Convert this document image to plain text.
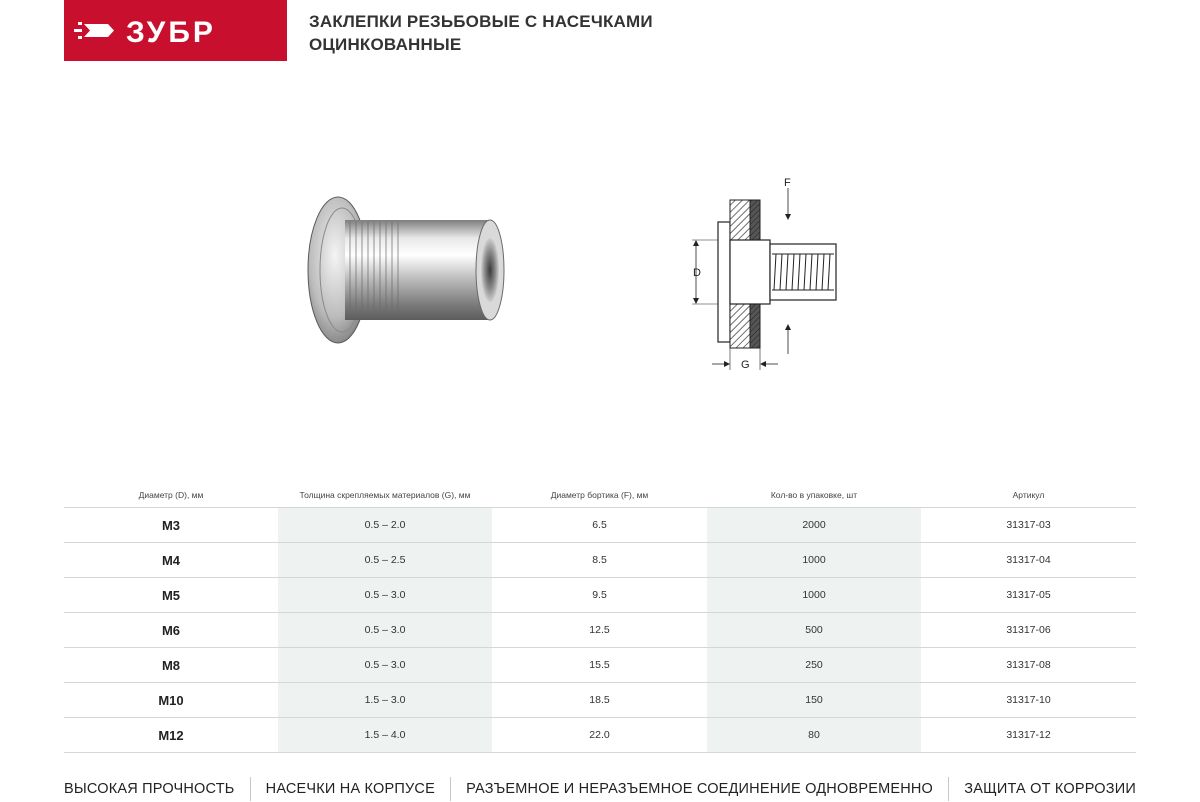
ЗУБР	ЗАКЛЕПКИ РЕЗЬБОВЫЕ С НАСЕЧКАМИ
ОЦИНКОВАННЫЕ
F
D
G
Диаметр (D), мм	Толщина скрепляемых материалов (G), мм	Диаметр бортика (F), мм	Кол-во в упаковке, шт	Артикул
M3	0.5 – 2.0	6.5	2000	31317-03
M4	0.5 – 2.5	8.5	1000	31317-04
M5	0.5 – 3.0	9.5	1000	31317-05
M6	0.5 – 3.0	12.5	500	31317-06
M8	0.5 – 3.0	15.5	250	31317-08
M10	1.5 – 3.0	18.5	150	31317-10
M12	1.5 – 4.0	22.0	80	31317-12
ВЫСОКАЯ ПРОЧНОСТЬ НАСЕЧКИ НА КОРПУСЕ РАЗЪЕМНОЕ И НЕРАЗЪЕМНОЕ СОЕДИНЕНИЕ ОДНОВРЕМЕННО ЗАЩИТА ОТ КОРРОЗИИ
